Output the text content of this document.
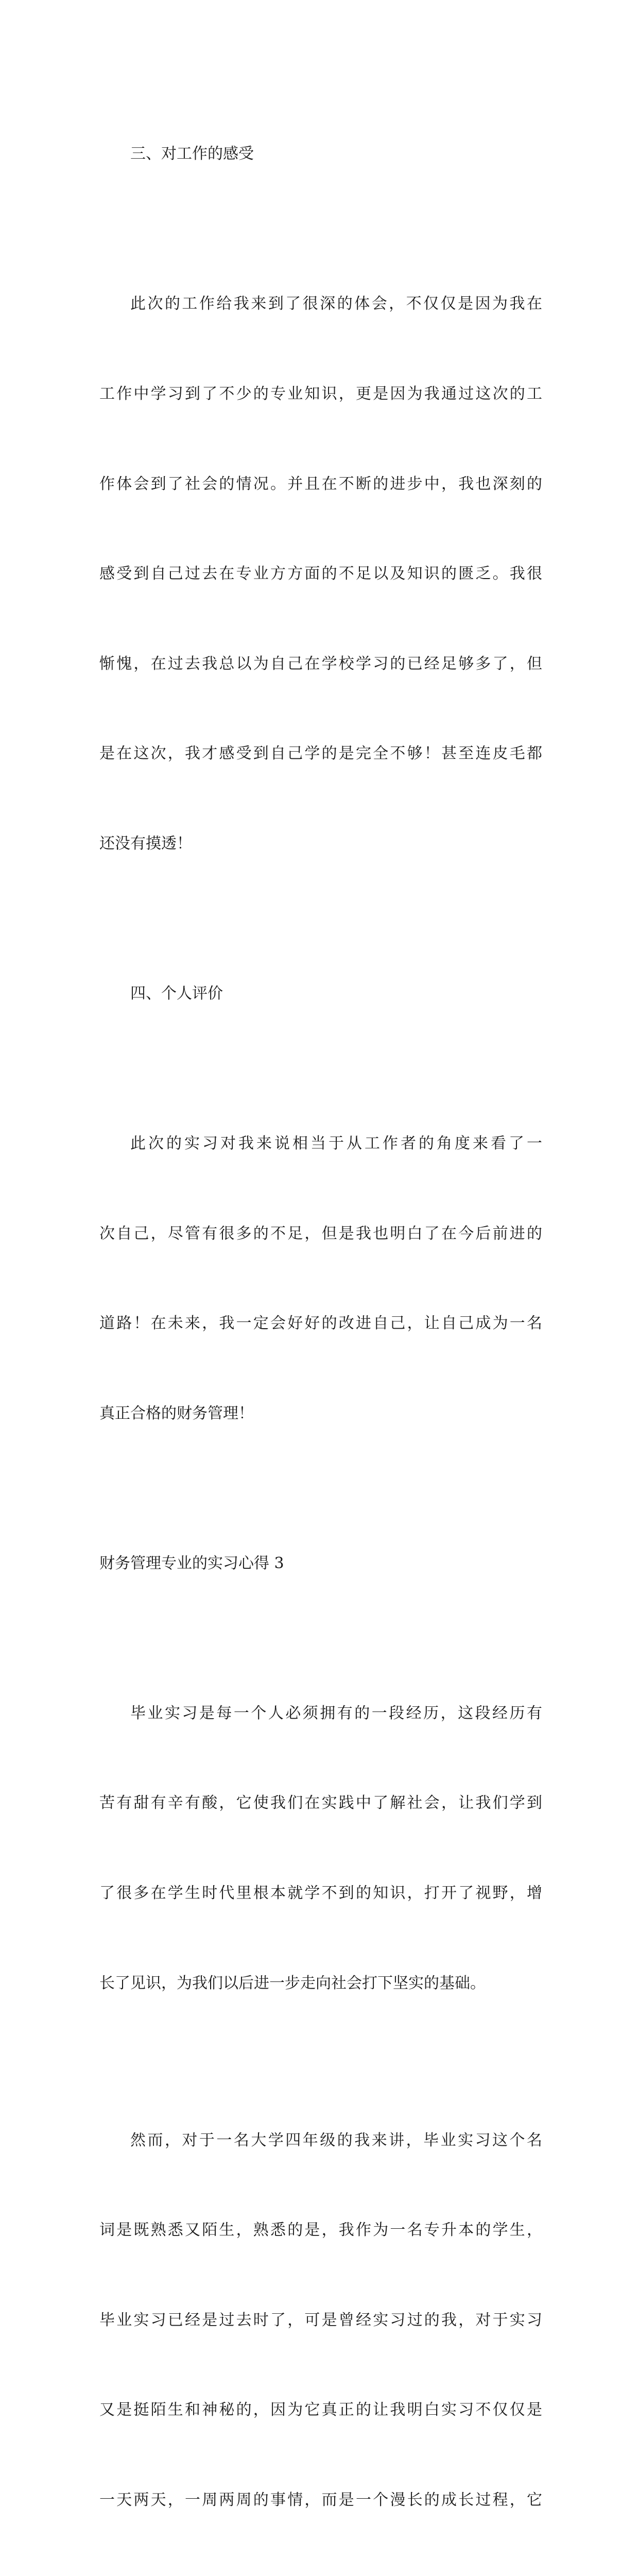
三、对工作的感受

此次的工作给我来到了很深的体会，不仅仅是因为我在

工作中学习到了不少的专业知识，更是因为我通过这次的工

作体会到了社会的情况。并且在不断的进步中，我也深刻的

感受到自己过去在专业方方面的不足以及知识的匮乏。我很

惭愧，在过去我总以为自己在学校学习的已经足够多了，但

是在这次，我才感受到自己学的是完全不够！甚至连皮毛都

还没有摸透！

四、个人评价

此次的实习对我来说相当于从工作者的角度来看了一

次自己，尽管有很多的不足，但是我也明白了在今后前进的

道路！在未来，我一定会好好的改进自己，让自己成为一名

真正合格的财务管理！

财务管理专业的实习心得 3

毕业实习是每一个人必须拥有的一段经历，这段经历有

苦有甜有辛有酸，它使我们在实践中了解社会，让我们学到

了很多在学生时代里根本就学不到的知识，打开了视野，增

长了见识，为我们以后进一步走向社会打下坚实的基础。

然而，对于一名大学四年级的我来讲，毕业实习这个名

词是既熟悉又陌生，熟悉的是，我作为一名专升本的学生，

毕业实习已经是过去时了，可是曾经实习过的我，对于实习

又是挺陌生和神秘的，因为它真正的让我明白实习不仅仅是

一天两天，一周两周的事情，而是一个漫长的成长过程，它
